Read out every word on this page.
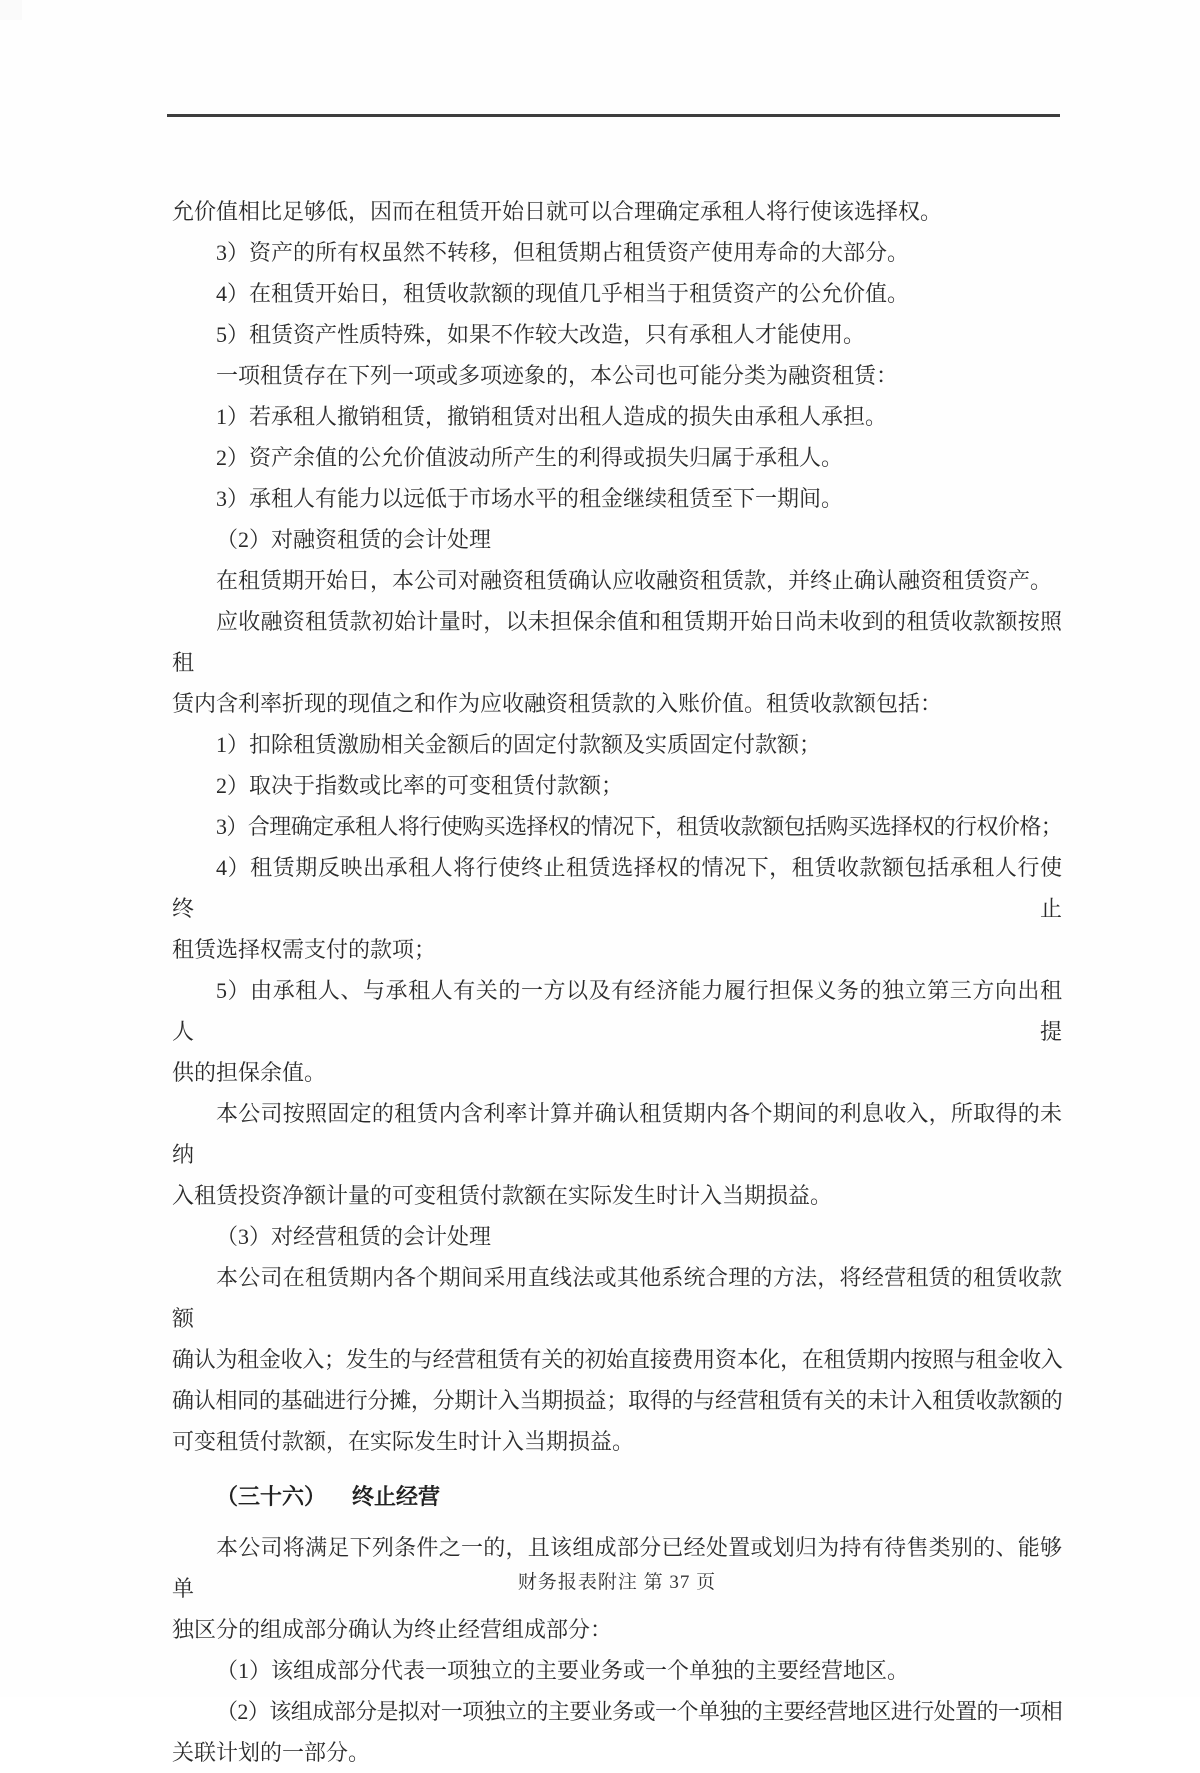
允价值相比足够低，因而在租赁开始日就可以合理确定承租人将行使该选择权。

3）资产的所有权虽然不转移，但租赁期占租赁资产使用寿命的大部分。

4）在租赁开始日，租赁收款额的现值几乎相当于租赁资产的公允价值。

5）租赁资产性质特殊，如果不作较大改造，只有承租人才能使用。

一项租赁存在下列一项或多项迹象的，本公司也可能分类为融资租赁：

1）若承租人撤销租赁，撤销租赁对出租人造成的损失由承租人承担。

2）资产余值的公允价值波动所产生的利得或损失归属于承租人。

3）承租人有能力以远低于市场水平的租金继续租赁至下一期间。

（2）对融资租赁的会计处理

在租赁期开始日，本公司对融资租赁确认应收融资租赁款，并终止确认融资租赁资产。

应收融资租赁款初始计量时，以未担保余值和租赁期开始日尚未收到的租赁收款额按照租

赁内含利率折现的现值之和作为应收融资租赁款的入账价值。租赁收款额包括：

1）扣除租赁激励相关金额后的固定付款额及实质固定付款额；

2）取决于指数或比率的可变租赁付款额；

3）合理确定承租人将行使购买选择权的情况下，租赁收款额包括购买选择权的行权价格；

4）租赁期反映出承租人将行使终止租赁选择权的情况下，租赁收款额包括承租人行使终止

租赁选择权需支付的款项；

5）由承租人、与承租人有关的一方以及有经济能力履行担保义务的独立第三方向出租人提

供的担保余值。

本公司按照固定的租赁内含利率计算并确认租赁期内各个期间的利息收入，所取得的未纳

入租赁投资净额计量的可变租赁付款额在实际发生时计入当期损益。

（3）对经营租赁的会计处理

本公司在租赁期内各个期间采用直线法或其他系统合理的方法，将经营租赁的租赁收款额

确认为租金收入；发生的与经营租赁有关的初始直接费用资本化，在租赁期内按照与租金收入

确认相同的基础进行分摊，分期计入当期损益；取得的与经营租赁有关的未计入租赁收款额的

可变租赁付款额，在实际发生时计入当期损益。

（三十六） 终止经营

本公司将满足下列条件之一的，且该组成部分已经处置或划归为持有待售类别的、能够单

独区分的组成部分确认为终止经营组成部分：

（1）该组成部分代表一项独立的主要业务或一个单独的主要经营地区。

（2）该组成部分是拟对一项独立的主要业务或一个单独的主要经营地区进行处置的一项相

关联计划的一部分。

财务报表附注 第 37 页
